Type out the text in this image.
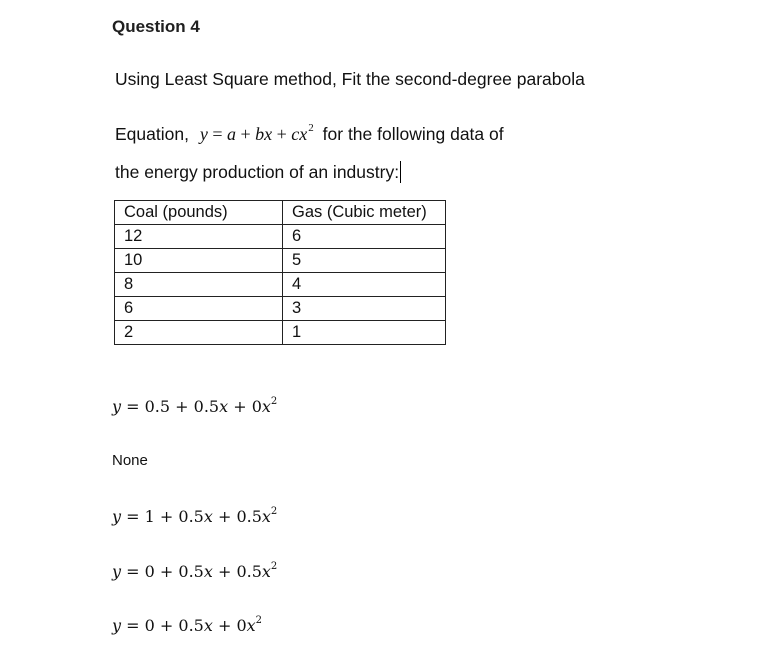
Question 4
Using Least Square method, Fit the second-degree parabola
Equation, y = a + bx + $cx^2$ for the following data of
the energy production of an industry:
Coal (pounds)	Gas (Cubic meter)
12	6
10	5
8	4
6	3
2	1
$y = 0.5 + 0.5x + 0x^2$
None
$y = 1 + 0.5x + 0.5x^2$
$y = 0 + 0.5x + 0.5x^2$
$y = 0 + 0.5x + 0x^2$
